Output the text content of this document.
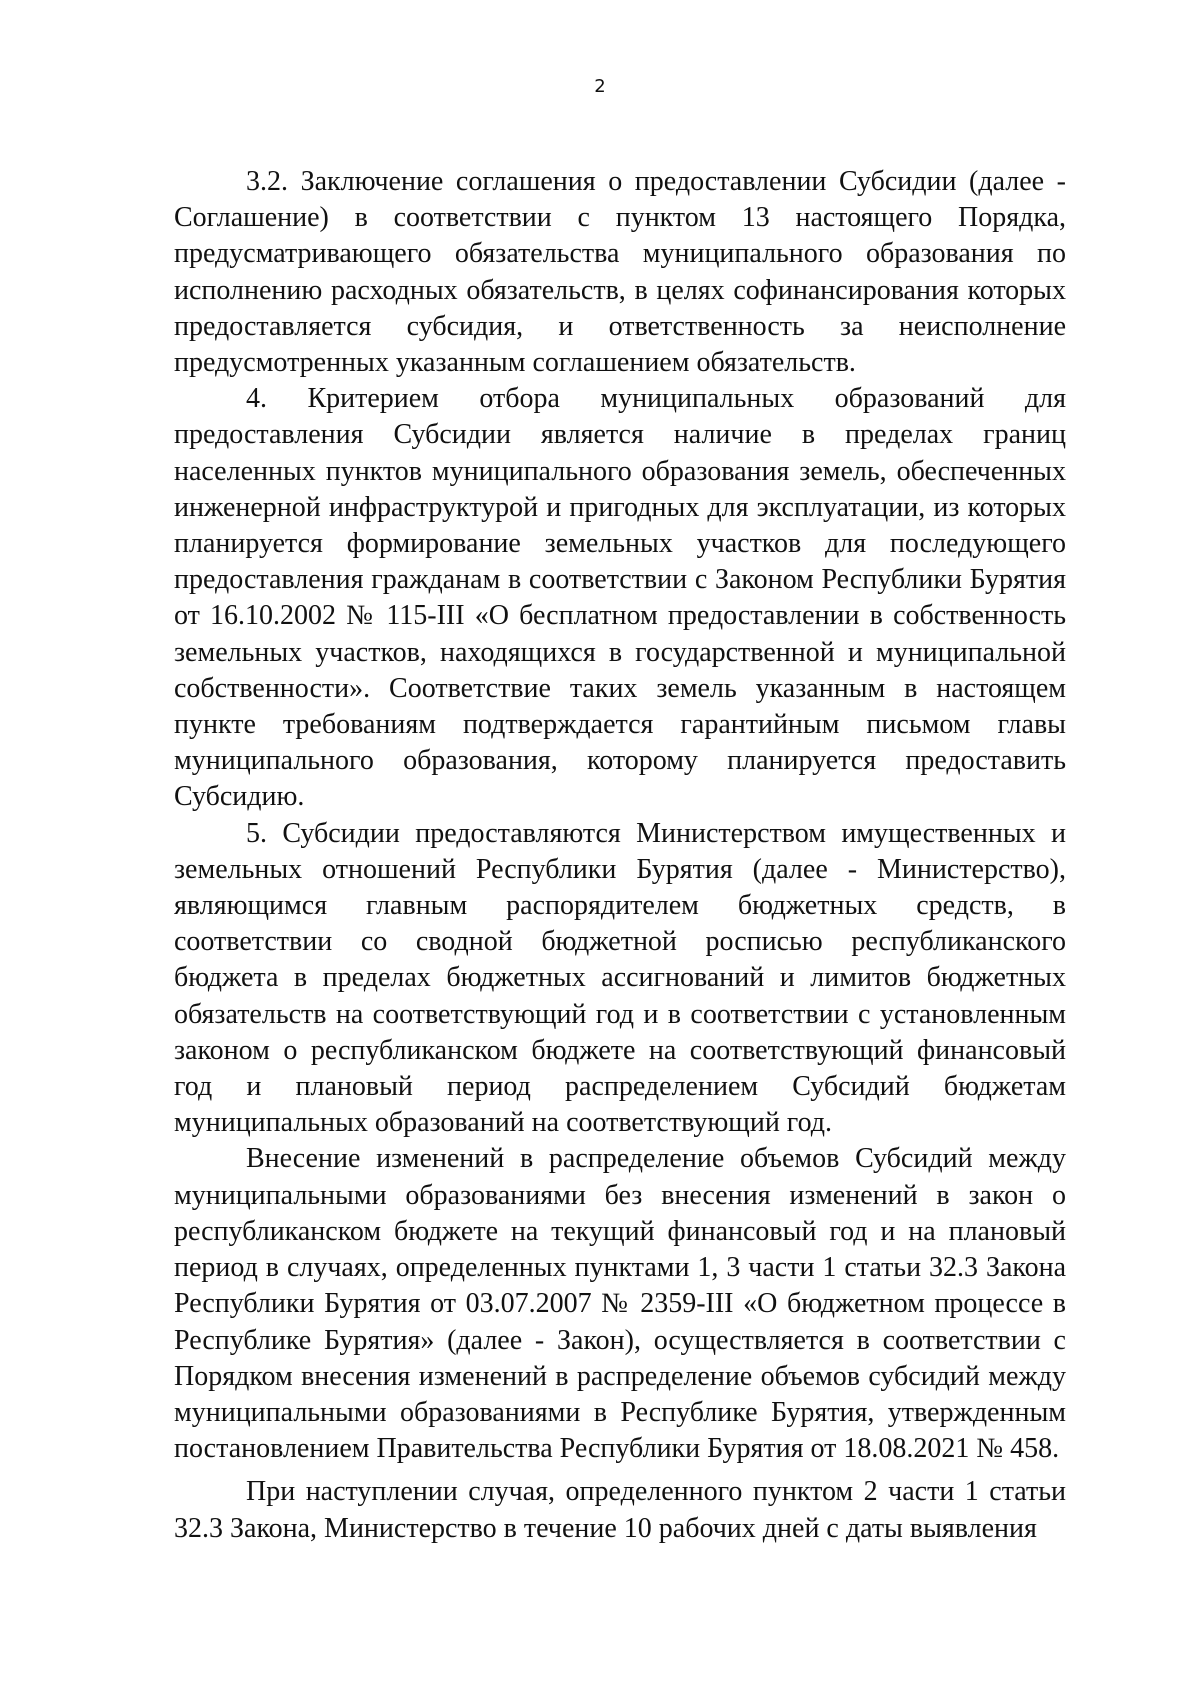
2

3.2. Заключение соглашения о предоставлении Субсидии (далее - Соглашение) в соответствии с пунктом 13 настоящего Порядка, предусматривающего обязательства муниципального образования по исполнению расходных обязательств, в целях софинансирования которых предоставляется субсидия, и ответственность за неисполнение предусмотренных указанным соглашением обязательств.

4. Критерием отбора муниципальных образований для предоставления Субсидии является наличие в пределах границ населенных пунктов муниципального образования земель, обеспеченных инженерной инфраструктурой и пригодных для эксплуатации, из которых планируется формирование земельных участков для последующего предоставления гражданам в соответствии с Законом Республики Бурятия от 16.10.2002 № 115-III «О бесплатном предоставлении в собственность земельных участков, находящихся в государственной и муниципальной собственности». Соответствие таких земель указанным в настоящем пункте требованиям подтверждается гарантийным письмом главы муниципального образования, которому планируется предоставить Субсидию.

5. Субсидии предоставляются Министерством имущественных и земельных отношений Республики Бурятия (далее - Министерство), являющимся главным распорядителем бюджетных средств, в соответствии со сводной бюджетной росписью республиканского бюджета в пределах бюджетных ассигнований и лимитов бюджетных обязательств на соответствующий год и в соответствии с установленным законом о республиканском бюджете на соответствующий финансовый год и плановый период распределением Субсидий бюджетам муниципальных образований на соответствующий год.

Внесение изменений в распределение объемов Субсидий между муниципальными образованиями без внесения изменений в закон о республиканском бюджете на текущий финансовый год и на плановый период в случаях, определенных пунктами 1, 3 части 1 статьи 32.3 Закона Республики Бурятия от 03.07.2007 № 2359-III «О бюджетном процессе в Республике Бурятия» (далее - Закон), осуществляется в соответствии с Порядком внесения изменений в распределение объемов субсидий между муниципальными образованиями в Республике Бурятия, утвержденным постановлением Правительства Республики Бурятия от 18.08.2021 № 458.

При наступлении случая, определенного пунктом 2 части 1 статьи 32.3 Закона, Министерство в течение 10 рабочих дней с даты выявления
